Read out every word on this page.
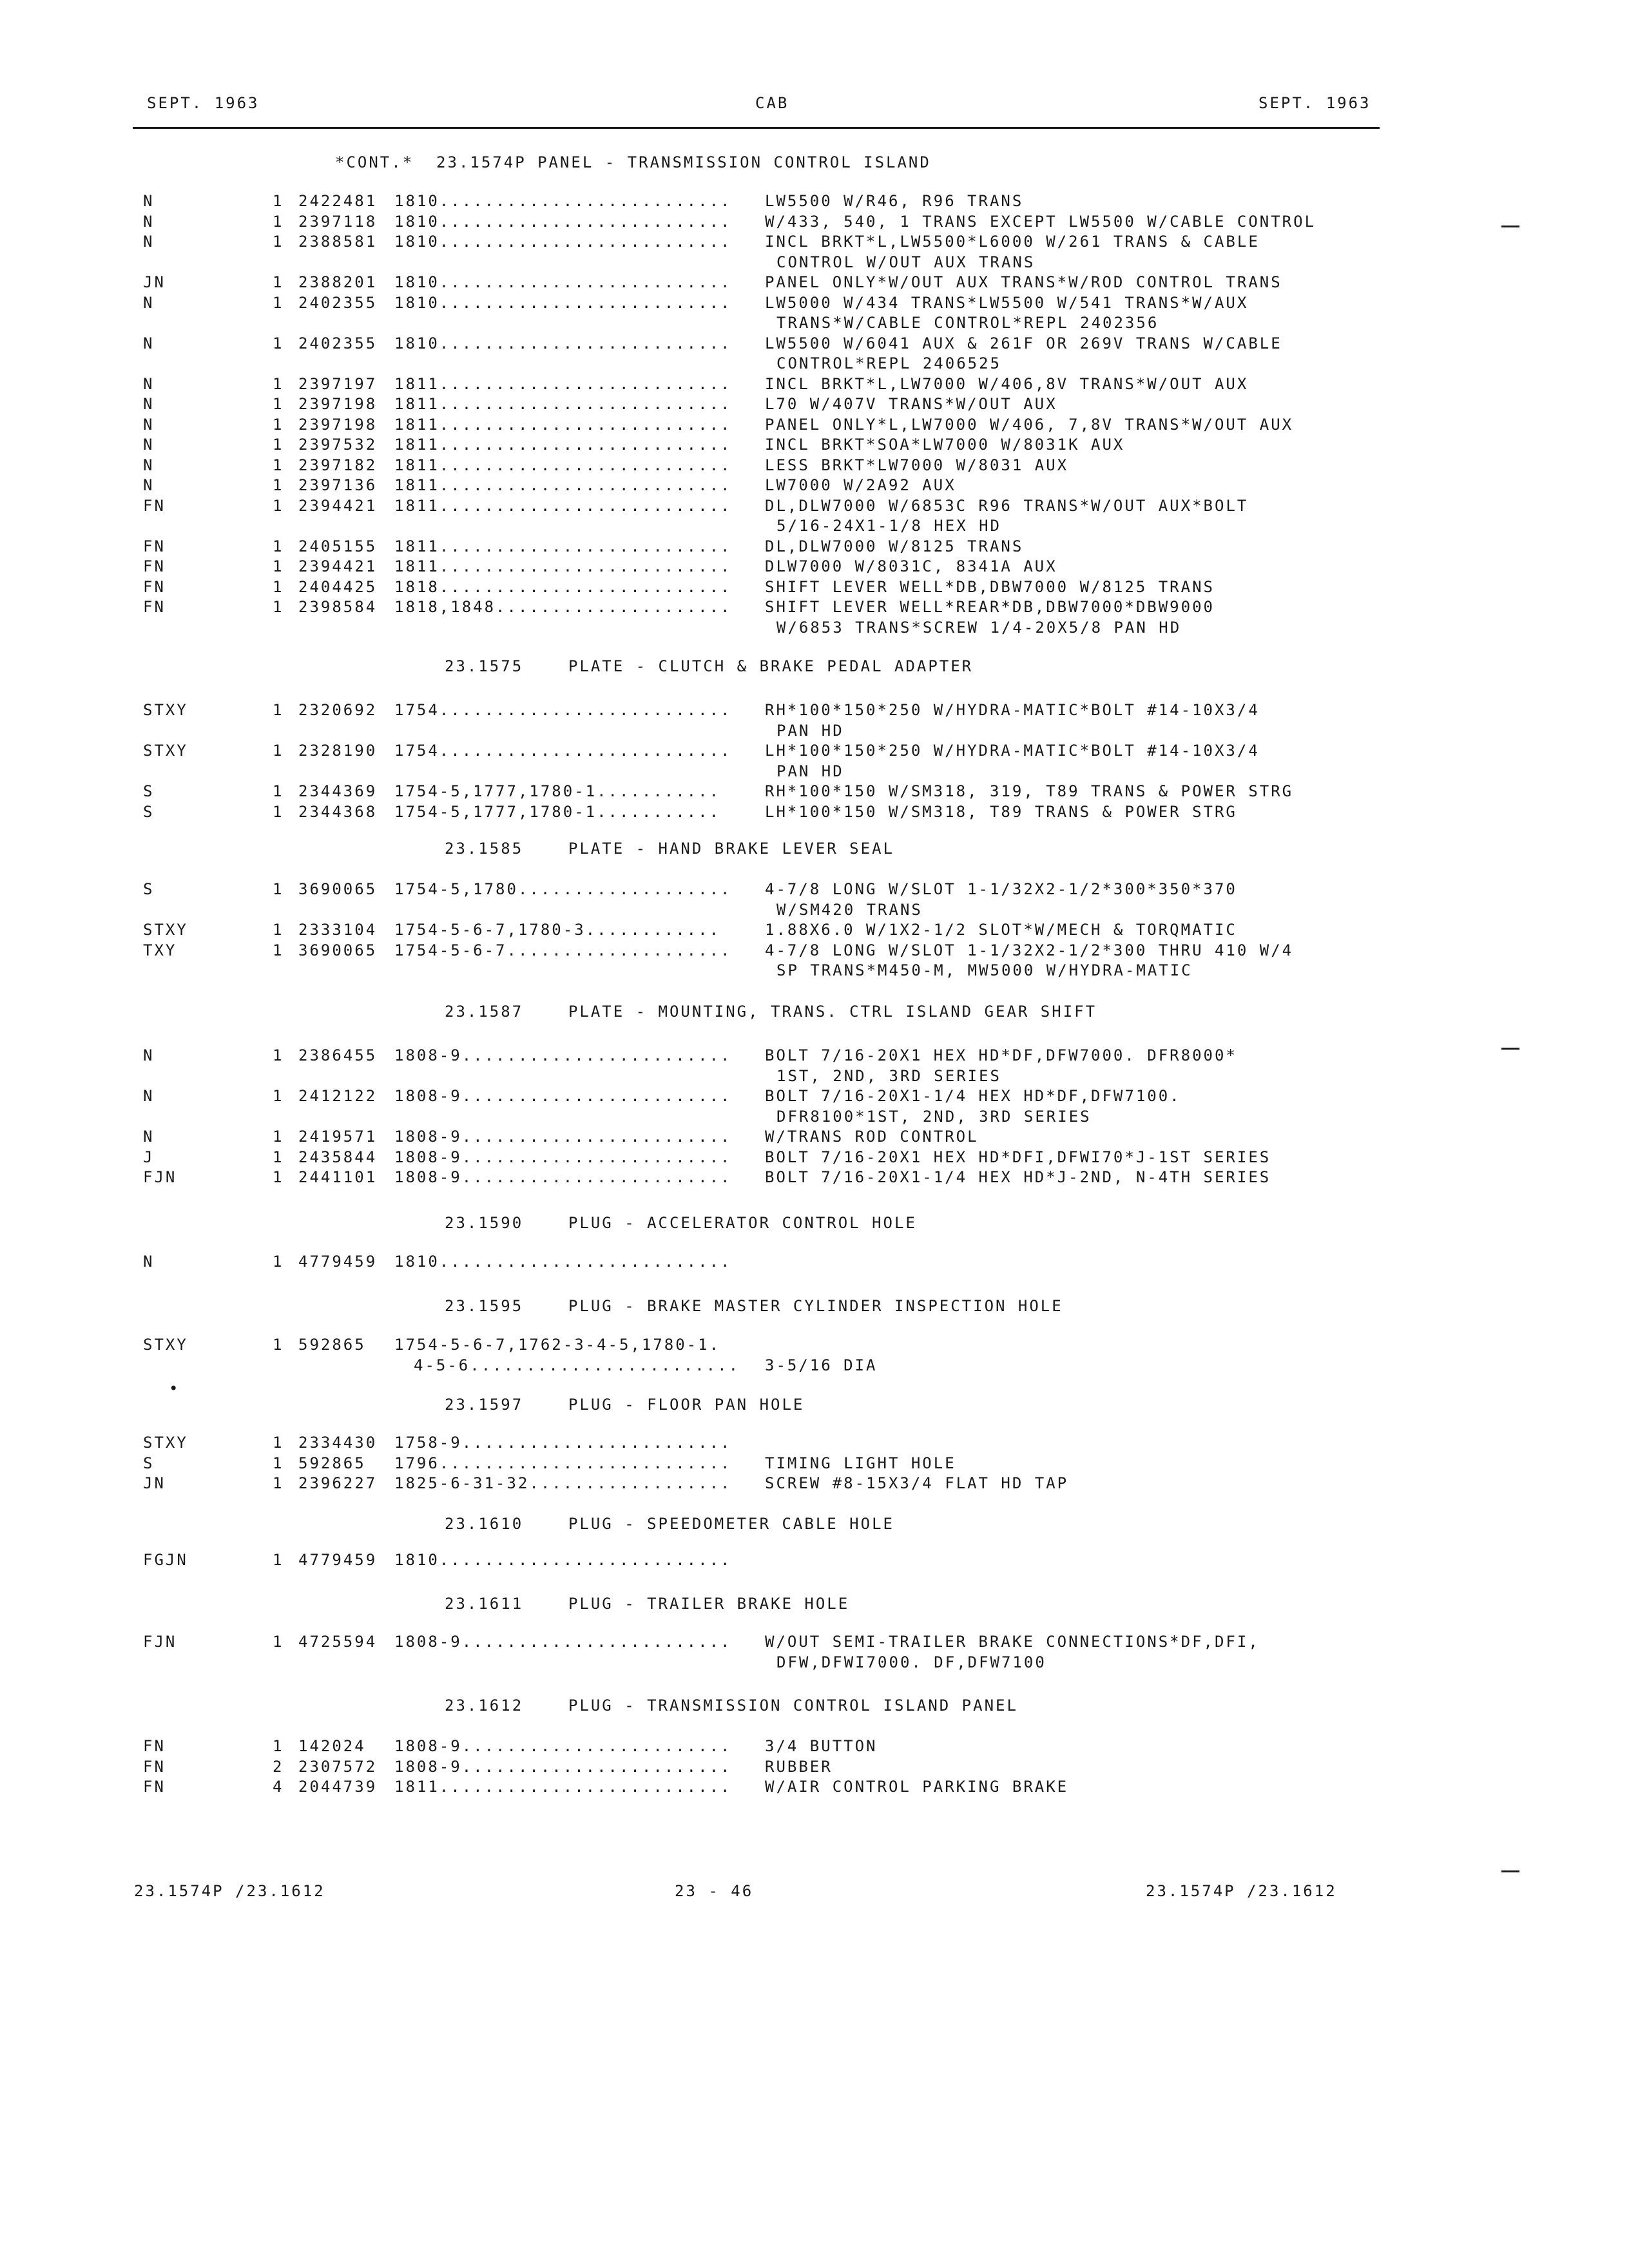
SEPT. 1963	CAB	SEPT. 1963
*CONT.*  23.1574P PANEL - TRANSMISSION CONTROL ISLAND
N	1 2422481 1810.......................... LW5500 W/R46, R96 TRANS
N	1 2397118 1810.......................... W/433, 540, 1 TRANS EXCEPT LW5500 W/CABLE CONTROL
N	1 2388581 1810.......................... INCL BRKT*L,LW5500*L6000 W/261 TRANS & CABLE
CONTROL W/OUT AUX TRANS
JN	1 2388201 1810.......................... PANEL ONLY*W/OUT AUX TRANS*W/ROD CONTROL TRANS
N	1 2402355 1810.......................... LW5000 W/434 TRANS*LW5500 W/541 TRANS*W/AUX
TRANS*W/CABLE CONTROL*REPL 2402356
N	1 2402355 1810.......................... LW5500 W/6041 AUX & 261F OR 269V TRANS W/CABLE
CONTROL*REPL 2406525
N	1 2397197 1811.......................... INCL BRKT*L,LW7000 W/406,8V TRANS*W/OUT AUX
N	1 2397198 1811.......................... L70 W/407V TRANS*W/OUT AUX
N	1 2397198 1811.......................... PANEL ONLY*L,LW7000 W/406, 7,8V TRANS*W/OUT AUX
N	1 2397532 1811.......................... INCL BRKT*SOA*LW7000 W/8031K AUX
N	1 2397182 1811.......................... LESS BRKT*LW7000 W/8031 AUX
N	1 2397136 1811.......................... LW7000 W/2A92 AUX
FN	1 2394421 1811.......................... DL,DLW7000 W/6853C R96 TRANS*W/OUT AUX*BOLT
5/16-24X1-1/8 HEX HD
FN	1 2405155 1811.......................... DL,DLW7000 W/8125 TRANS
FN	1 2394421 1811.......................... DLW7000 W/8031C, 8341A AUX
FN	1 2404425 1818.......................... SHIFT LEVER WELL*DB,DBW7000 W/8125 TRANS
FN	1 2398584 1818,1848..................... SHIFT LEVER WELL*REAR*DB,DBW7000*DBW9000
W/6853 TRANS*SCREW 1/4-20X5/8 PAN HD
23.1575    PLATE - CLUTCH & BRAKE PEDAL ADAPTER
STXY	1 2320692 1754.......................... RH*100*150*250 W/HYDRA-MATIC*BOLT #14-10X3/4
PAN HD
STXY	1 2328190 1754.......................... LH*100*150*250 W/HYDRA-MATIC*BOLT #14-10X3/4
PAN HD
S	1 2344369 1754-5,1777,1780-1...........	RH*100*150 W/SM318, 319, T89 TRANS & POWER STRG
S	1 2344368 1754-5,1777,1780-1...........	LH*100*150 W/SM318, T89 TRANS & POWER STRG
23.1585    PLATE - HAND BRAKE LEVER SEAL
S	1 3690065 1754-5,1780................... 4-7/8 LONG W/SLOT 1-1/32X2-1/2*300*350*370
W/SM420 TRANS
STXY	1 2333104 1754-5-6-7,1780-3............	1.88X6.0 W/1X2-1/2 SLOT*W/MECH & TORQMATIC
TXY	1 3690065 1754-5-6-7.................... 4-7/8 LONG W/SLOT 1-1/32X2-1/2*300 THRU 410 W/4
SP TRANS*M450-M, MW5000 W/HYDRA-MATIC
23.1587    PLATE - MOUNTING, TRANS. CTRL ISLAND GEAR SHIFT
N	1 2386455 1808-9........................ BOLT 7/16-20X1 HEX HD*DF,DFW7000. DFR8000*
1ST, 2ND, 3RD SERIES
N	1 2412122 1808-9........................ BOLT 7/16-20X1-1/4 HEX HD*DF,DFW7100.
DFR8100*1ST, 2ND, 3RD SERIES
N	1 2419571 1808-9........................ W/TRANS ROD CONTROL
J	1 2435844 1808-9........................ BOLT 7/16-20X1 HEX HD*DFI,DFWI70*J-1ST SERIES
FJN	1 2441101 1808-9........................ BOLT 7/16-20X1-1/4 HEX HD*J-2ND, N-4TH SERIES
23.1590    PLUG - ACCELERATOR CONTROL HOLE
N	1 4779459 1810..........................
23.1595    PLUG - BRAKE MASTER CYLINDER INSPECTION HOLE
STXY	1 592865 1754-5-6-7,1762-3-4-5,1780-1.
4-5-6........................ 3-5/16 DIA
23.1597    PLUG - FLOOR PAN HOLE
STXY	1 2334430 1758-9........................
S	1 592865 1796.......................... TIMING LIGHT HOLE
JN	1 2396227 1825-6-31-32.................. SCREW #8-15X3/4 FLAT HD TAP
23.1610    PLUG - SPEEDOMETER CABLE HOLE
FGJN	1 4779459 1810..........................
23.1611    PLUG - TRAILER BRAKE HOLE
FJN	1 4725594 1808-9........................ W/OUT SEMI-TRAILER BRAKE CONNECTIONS*DF,DFI,
DFW,DFWI7000. DF,DFW7100
23.1612    PLUG - TRANSMISSION CONTROL ISLAND PANEL
FN	1 142024 1808-9........................ 3/4 BUTTON
FN	2 2307572 1808-9........................ RUBBER
FN	4 2044739 1811.......................... W/AIR CONTROL PARKING BRAKE
•
23.1574P /23.1612	23 - 46	23.1574P /23.1612
